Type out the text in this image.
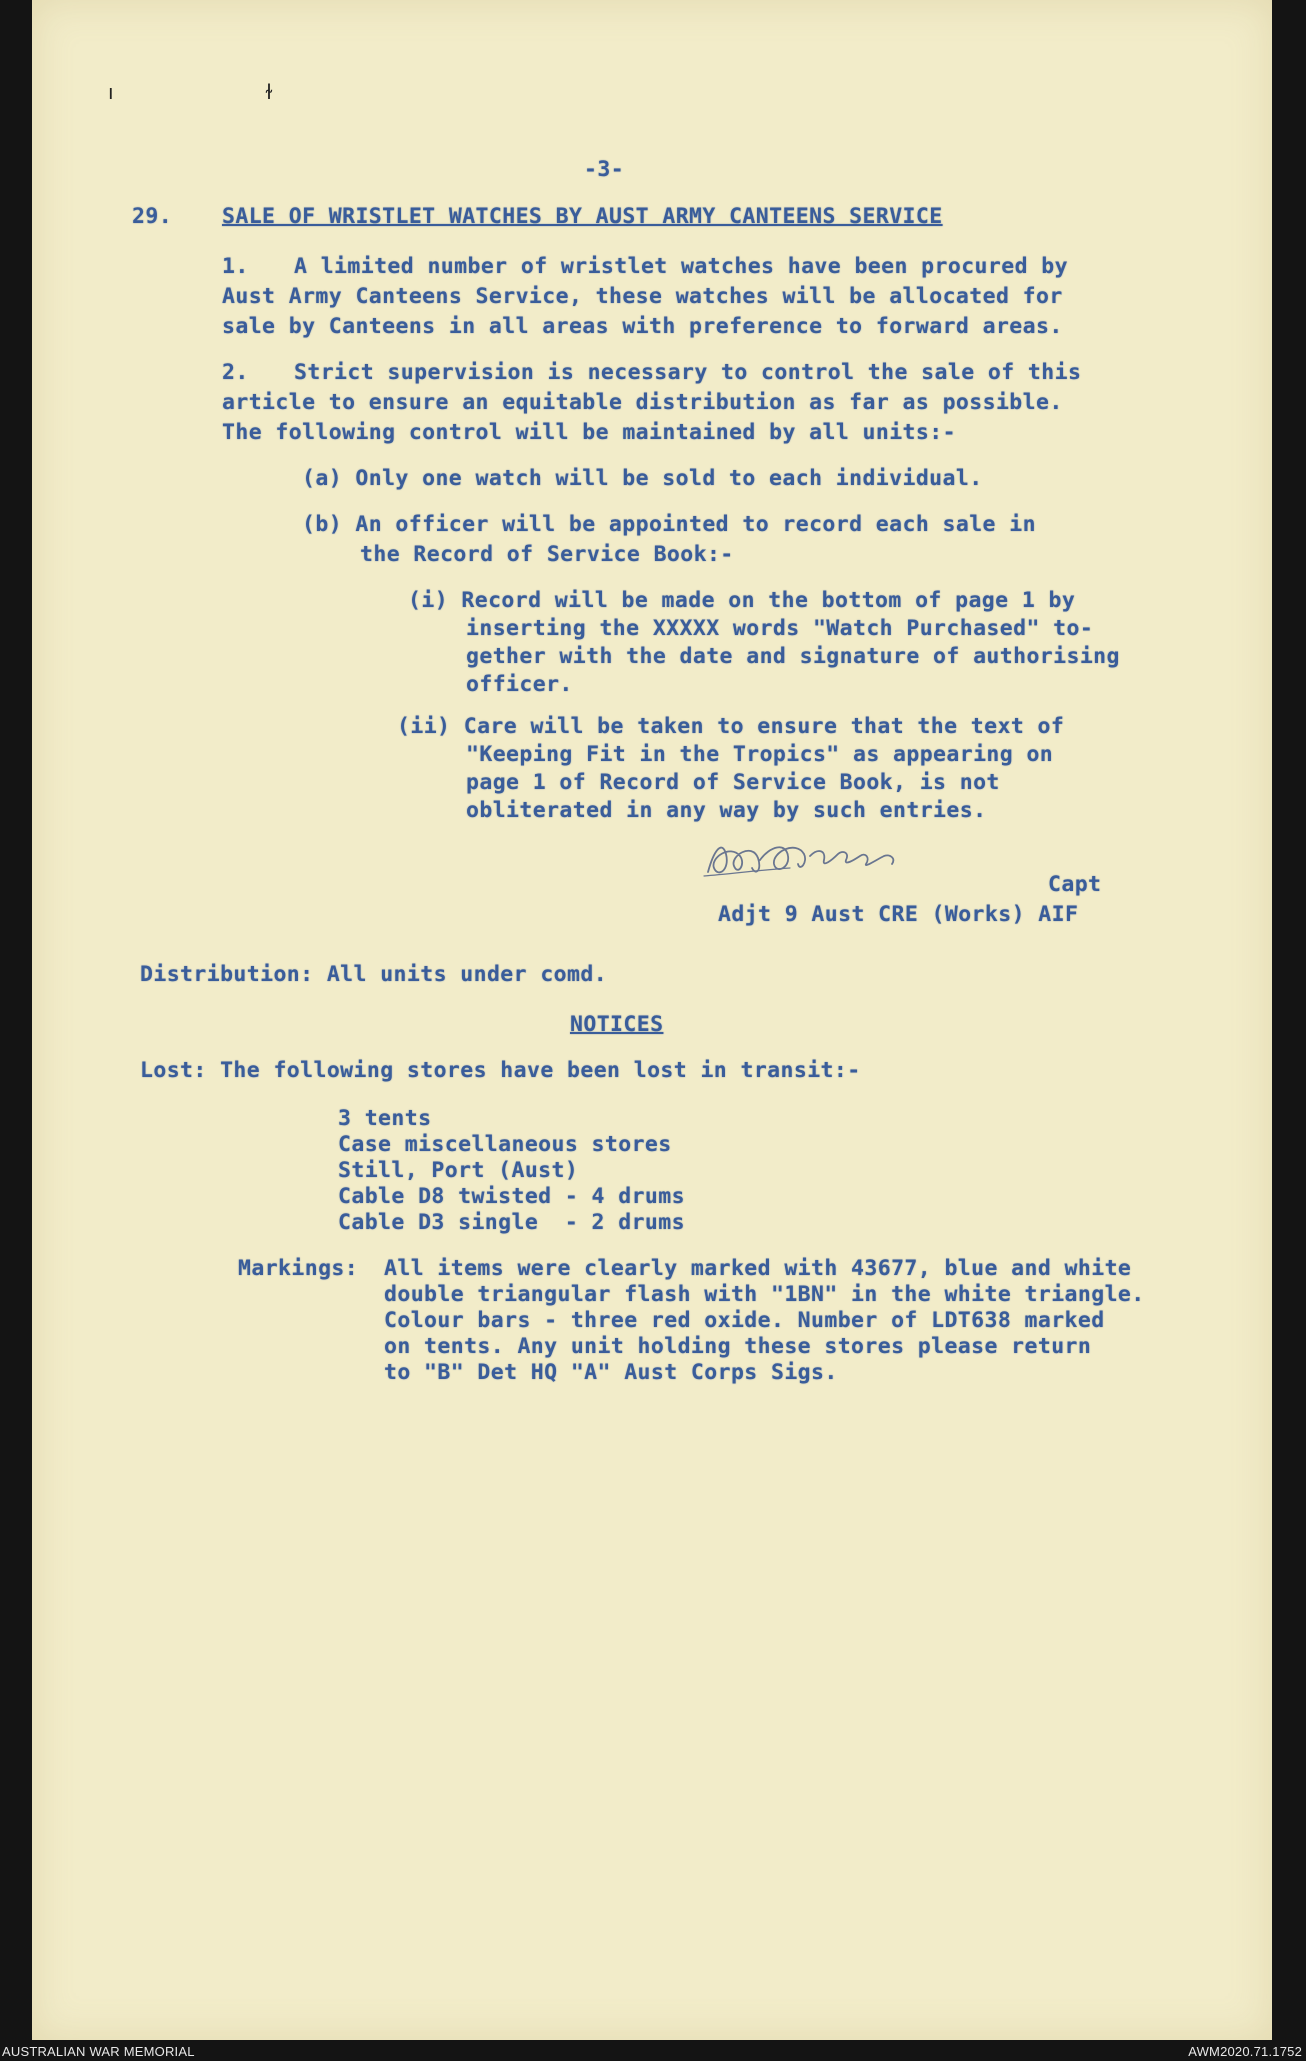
ı	ɫ
-3-
29. SALE OF WRISTLET WATCHES BY AUST ARMY CANTEENS SERVICE
1. A limited number of wristlet watches have been procured by
Aust Army Canteens Service, these watches will be allocated for
sale by Canteens in all areas with preference to forward areas.
2. Strict supervision is necessary to control the sale of this
article to ensure an equitable distribution as far as possible.
The following control will be maintained by all units:-
(a) Only one watch will be sold to each individual.
(b) An officer will be appointed to record each sale in
the Record of Service Book:-
(i) Record will be made on the bottom of page 1 by
inserting the XXXXX words "Watch Purchased" to-
gether with the date and signature of authorising
officer.
(ii) Care will be taken to ensure that the text of
"Keeping Fit in the Tropics" as appearing on
page 1 of Record of Service Book, is not
obliterated in any way by such entries.
Capt
Adjt 9 Aust CRE (Works) AIF
Distribution: All units under comd.
NOTICES
Lost: The following stores have been lost in transit:-
3 tents
Case miscellaneous stores
Still, Port (Aust)
Cable D8 twisted - 4 drums
Cable D3 single  - 2 drums
Markings: All items were clearly marked with 43677, blue and white
double triangular flash with "1BN" in the white triangle.
Colour bars - three red oxide. Number of LDT638 marked
on tents. Any unit holding these stores please return
to "B" Det HQ "A" Aust Corps Sigs.
AUSTRALIAN WAR MEMORIAL	AWM2020.71.1752
